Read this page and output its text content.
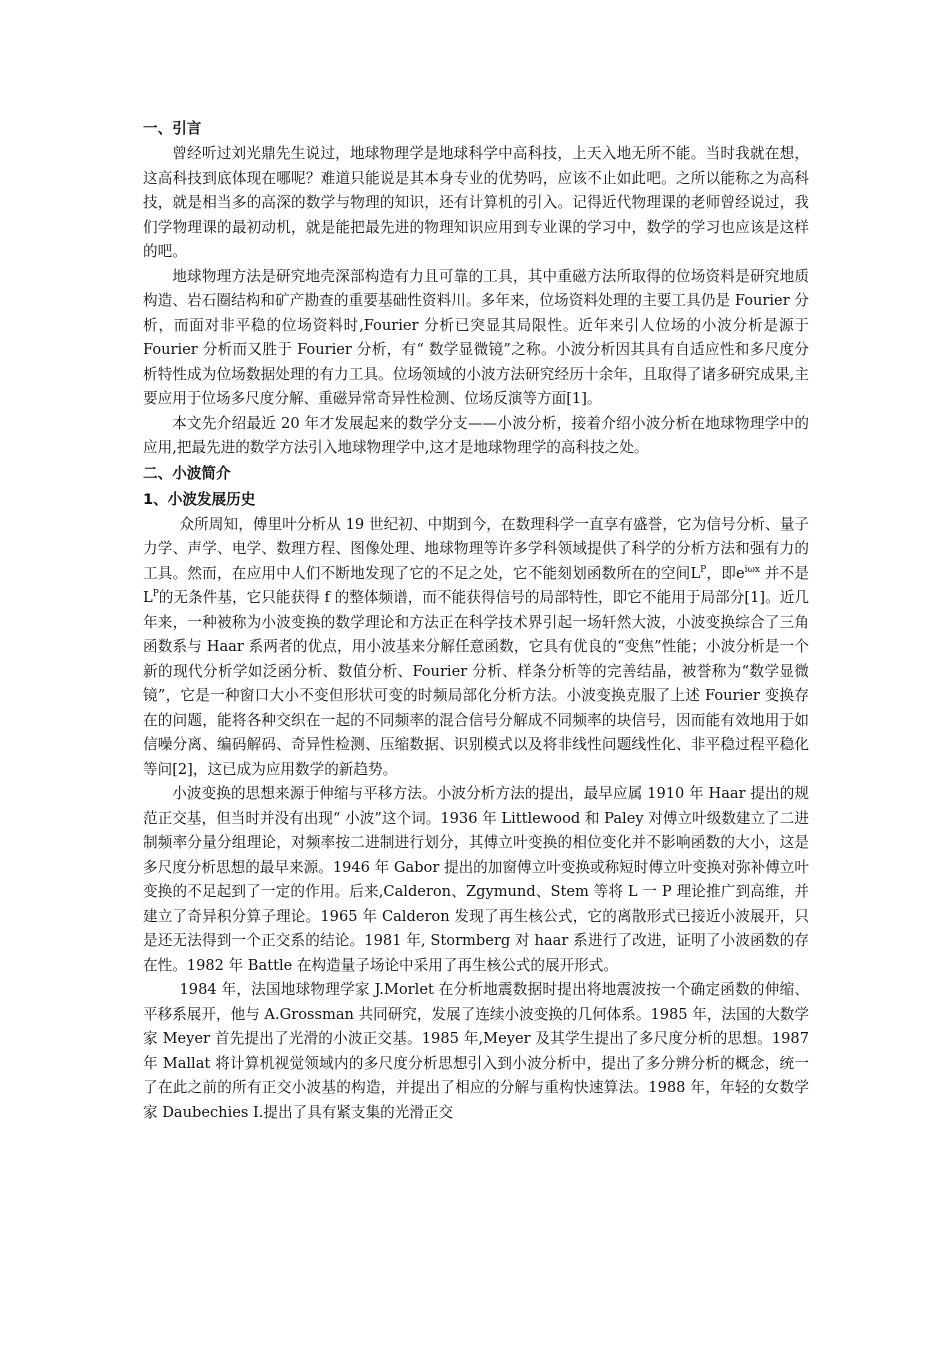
一、引言

曾经听过刘光鼎先生说过，地球物理学是地球科学中高科技，上天入地无所不能。当时我就在想，这高科技到底体现在哪呢？难道只能说是其本身专业的优势吗，应该不止如此吧。之所以能称之为高科技，就是相当多的高深的数学与物理的知识，还有计算机的引入。记得近代物理课的老师曾经说过，我们学物理课的最初动机，就是能把最先进的物理知识应用到专业课的学习中，数学的学习也应该是这样的吧。

地球物理方法是研究地壳深部构造有力且可靠的工具，其中重磁方法所取得的位场资料是研究地质构造、岩石圈结构和矿产勘查的重要基础性资料川。多年来，位场资料处理的主要工具仍是 Fourier 分析，而面对非平稳的位场资料时,Fourier 分析已突显其局限性。近年来引人位场的小波分析是源于 Fourier 分析而又胜于 Fourier 分析，有“ 数学显微镜”之称。小波分析因其具有自适应性和多尺度分析特性成为位场数据处理的有力工具。位场领域的小波方法研究经历十余年，且取得了诸多研究成果,主要应用于位场多尺度分解、重磁异常奇异性检测、位场反演等方面[1]。

本文先介绍最近 20 年才发展起来的数学分支——小波分析，接着介绍小波分析在地球物理学中的应用,把最先进的数学方法引入地球物理学中,这才是地球物理学的高科技之处。

二、小波简介
1、小波发展历史

众所周知，傅里叶分析从 19 世纪初、中期到今，在数理科学一直享有盛誉，它为信号分析、量子力学、声学、电学、数理方程、图像处理、地球物理等许多学科领域提供了科学的分析方法和强有力的工具。然而，在应用中人们不断地发现了它的不足之处，它不能刻划函数所在的空间$L^P$，即$e^{i\omega x}$ 并不是$L^P$的无条件基，它只能获得 f 的整体频谱，而不能获得信号的局部特性，即它不能用于局部分[1]。近几年来，一种被称为小波变换的数学理论和方法正在科学技术界引起一场轩然大波，小波变换综合了三角函数系与 Haar 系两者的优点，用小波基来分解任意函数，它具有优良的“变焦”性能；小波分析是一个新的现代分析学如泛函分析、数值分析、Fourier 分析、样条分析等的完善结晶，被誉称为“数学显微镜”，它是一种窗口大小不变但形状可变的时频局部化分析方法。小波变换克服了上述 Fourier 变换存在的问题，能将各种交织在一起的不同频率的混合信号分解成不同频率的块信号，因而能有效地用于如信噪分离、编码解码、奇异性检测、压缩数据、识别模式以及将非线性问题线性化、非平稳过程平稳化等问[2]，这已成为应用数学的新趋势。

小波变换的思想来源于伸缩与平移方法。小波分析方法的提出，最早应属 1910 年 Haar 提出的规范正交基，但当时并没有出现“ 小波”这个词。1936 年 Littlewood 和 Paley 对傅立叶级数建立了二进制频率分量分组理论，对频率按二进制进行划分，其傅立叶变换的相位变化并不影响函数的大小，这是多尺度分析思想的最早来源。1946 年 Gabor 提出的加窗傅立叶变换或称短时傅立叶变换对弥补傅立叶变换的不足起到了一定的作用。后来,Calderon、Zgymund、Stem 等将 L 一 P 理论推广到高维，并建立了奇异积分算子理论。1965 年 Calderon 发现了再生核公式，它的离散形式已接近小波展开，只是还无法得到一个正交系的结论。1981 年, Stormberg 对 haar 系进行了改进，证明了小波函数的存在性。1982 年 Battle 在构造量子场论中采用了再生核公式的展开形式。

1984 年，法国地球物理学家 J.Morlet 在分析地震数据时提出将地震波按一个确定函数的伸缩、平移系展开，他与 A.Grossman 共同研究，发展了连续小波变换的几何体系。1985 年，法国的大数学家 Meyer 首先提出了光滑的小波正交基。1985 年,Meyer 及其学生提出了多尺度分析的思想。1987 年 Mallat 将计算机视觉领域内的多尺度分析思想引入到小波分析中，提出了多分辨分析的概念，统一了在此之前的所有正交小波基的构造，并提出了相应的分解与重构快速算法。1988 年，年轻的女数学家 Daubechies I.提出了具有紧支集的光滑正交
